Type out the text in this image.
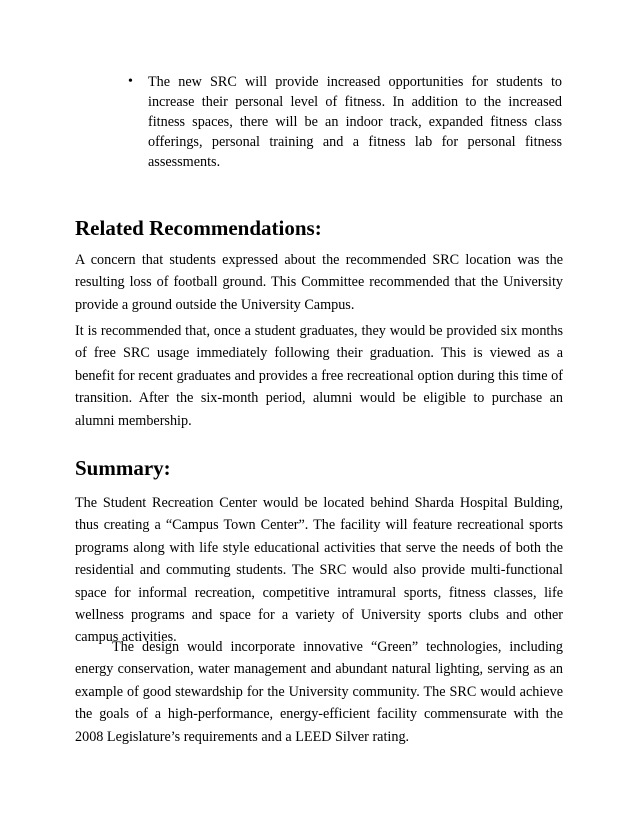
• The new SRC will provide increased opportunities for students to increase their personal level of fitness. In addition to the increased fitness spaces, there will be an indoor track, expanded fitness class offerings, personal training and a fitness lab for personal fitness assessments.
Related Recommendations:

A concern that students expressed about the recommended SRC location was the resulting loss of football ground. This Committee recommended that the University provide a ground outside the University Campus.

It is recommended that, once a student graduates, they would be provided six months of free SRC usage immediately following their graduation. This is viewed as a benefit for recent graduates and provides a free recreational option during this time of transition. After the six-month period, alumni would be eligible to purchase an alumni membership.

Summary:

The Student Recreation Center would be located behind Sharda Hospital Bulding, thus creating a “Campus Town Center”. The facility will feature recreational sports programs along with life style educational activities that serve the needs of both the residential and commuting students. The SRC would also provide multi-functional space for informal recreation, competitive intramural sports, fitness classes, life wellness programs and space for a variety of University sports clubs and other campus activities.

The design would incorporate innovative “Green” technologies, including energy conservation, water management and abundant natural lighting, serving as an example of good stewardship for the University community. The SRC would achieve the goals of a high-performance, energy-efficient facility commensurate with the 2008 Legislature’s requirements and a LEED Silver rating.
